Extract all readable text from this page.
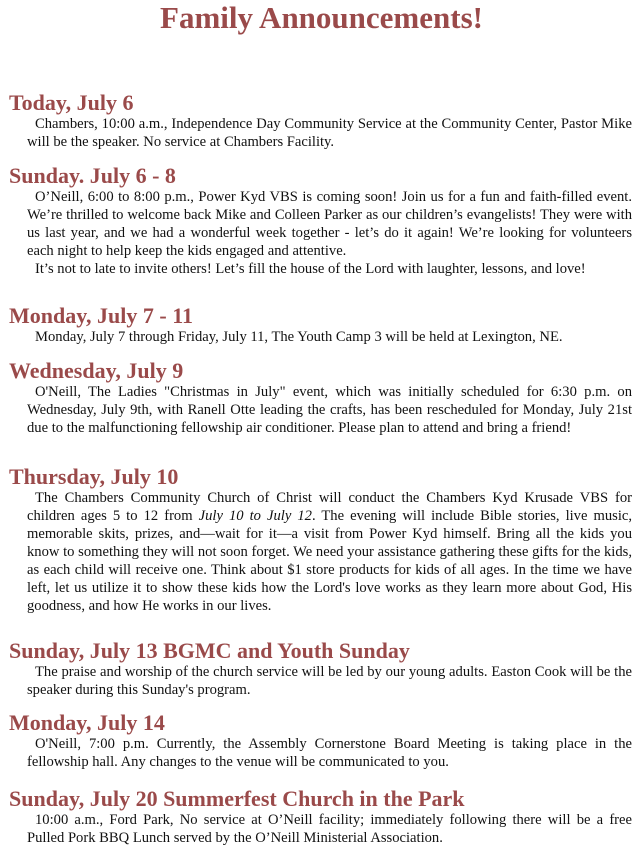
Family Announcements!
Today, July 6

Chambers, 10:00 a.m., Independence Day Community Service at the Community Center, Pastor Mike will be the speaker. No service at Chambers Facility.

Sunday. July 6 - 8

O’Neill, 6:00 to 8:00 p.m., Power Kyd VBS is coming soon! Join us for a fun and faith-filled event. We’re thrilled to welcome back Mike and Colleen Parker as our children’s evangelists! They were with us last year, and we had a wonderful week together - let’s do it again! We’re looking for volunteers each night to help keep the kids engaged and attentive.

It’s not to late to invite others! Let’s fill the house of the Lord with laughter, lessons, and love!

Monday, July 7 - 11

Monday, July 7 through Friday, July 11, The Youth Camp 3 will be held at Lexington, NE.

Wednesday, July 9

O'Neill, The Ladies "Christmas in July" event, which was initially scheduled for 6:30 p.m. on Wednesday, July 9th, with Ranell Otte leading the crafts, has been rescheduled for Monday, July 21st due to the malfunctioning fellowship air conditioner. Please plan to attend and bring a friend!

Thursday, July 10

The Chambers Community Church of Christ will conduct the Chambers Kyd Krusade VBS for children ages 5 to 12 from July 10 to July 12. The evening will include Bible stories, live music, memorable skits, prizes, and—wait for it—a visit from Power Kyd himself. Bring all the kids you know to something they will not soon forget. We need your assistance gathering these gifts for the kids, as each child will receive one. Think about $1 store products for kids of all ages. In the time we have left, let us utilize it to show these kids how the Lord's love works as they learn more about God, His goodness, and how He works in our lives.

Sunday, July 13 BGMC and Youth Sunday

The praise and worship of the church service will be led by our young adults. Easton Cook will be the speaker during this Sunday's program.

Monday, July 14

O'Neill, 7:00 p.m. Currently, the Assembly Cornerstone Board Meeting is taking place in the fellowship hall. Any changes to the venue will be communicated to you.

Sunday, July 20 Summerfest Church in the Park

10:00 a.m., Ford Park, No service at O’Neill facility; immediately following there will be a free Pulled Pork BBQ Lunch served by the O’Neill Ministerial Association.
